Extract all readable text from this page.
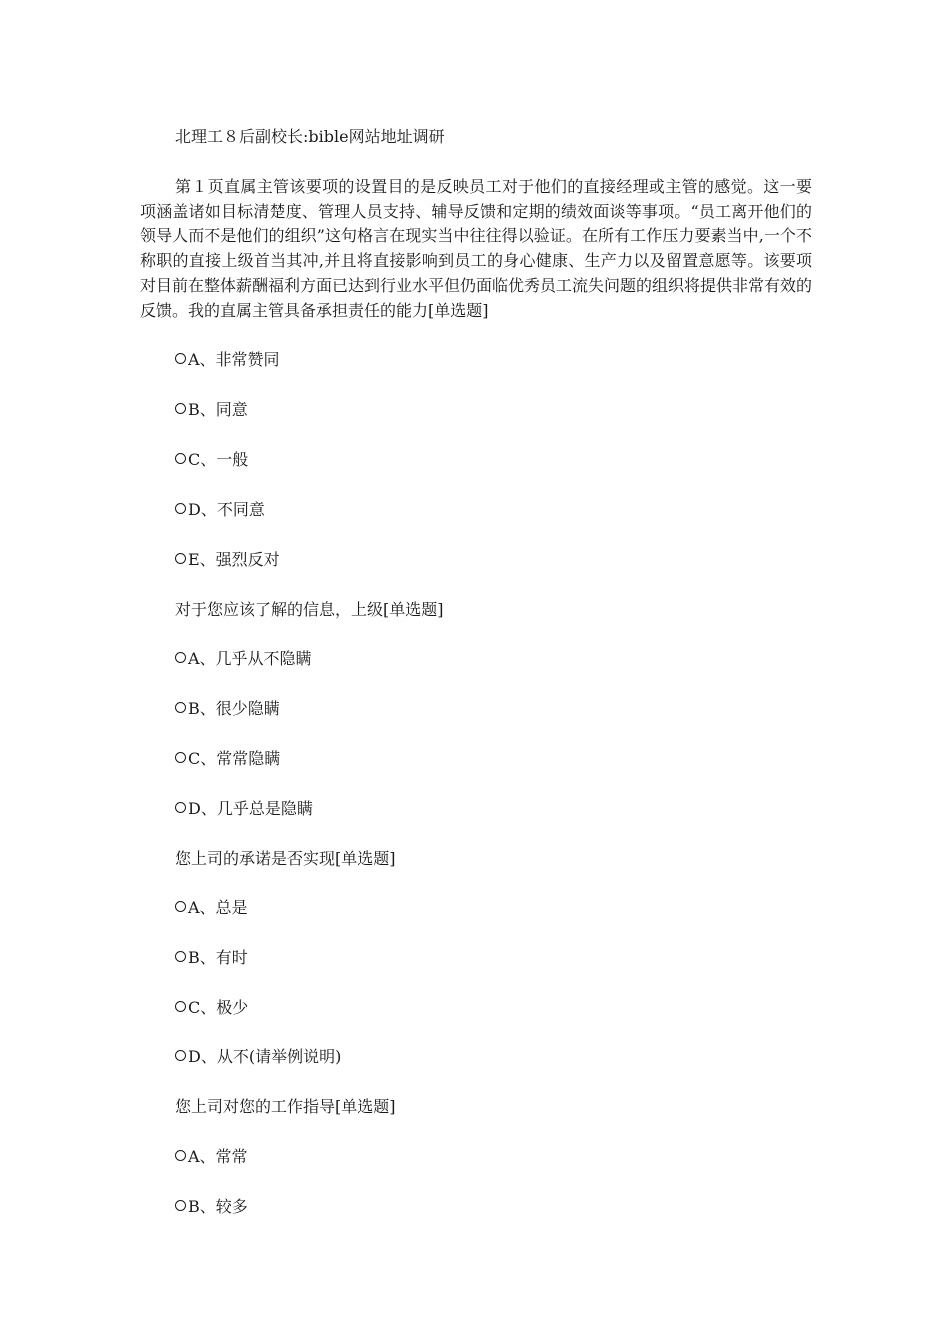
北理工８后副校长:bible网站地址调研

第１页直属主管该要项的设置目的是反映员工对于他们的直接经理或主管的感觉。这一要项涵盖诸如目标清楚度、管理人员支持、辅导反馈和定期的绩效面谈等事项。“员工离开他们的领导人而不是他们的组织”这句格言在现实当中往往得以验证。在所有工作压力要素当中,一个不称职的直接上级首当其冲,并且将直接影响到员工的身心健康、生产力以及留置意愿等。该要项对目前在整体薪酬福利方面已达到行业水平但仍面临优秀员工流失问题的组织将提供非常有效的反馈。我的直属主管具备承担责任的能力[单选题]

A、非常赞同
B、同意
C、一般
D、不同意
E、强烈反对
对于您应该了解的信息，上级[单选题]
A、几乎从不隐瞒
B、很少隐瞒
C、常常隐瞒
D、几乎总是隐瞒
您上司的承诺是否实现[单选题]
A、总是
B、有时
C、极少
D、从不(请举例说明)
您上司对您的工作指导[单选题]
A、常常
B、较多
